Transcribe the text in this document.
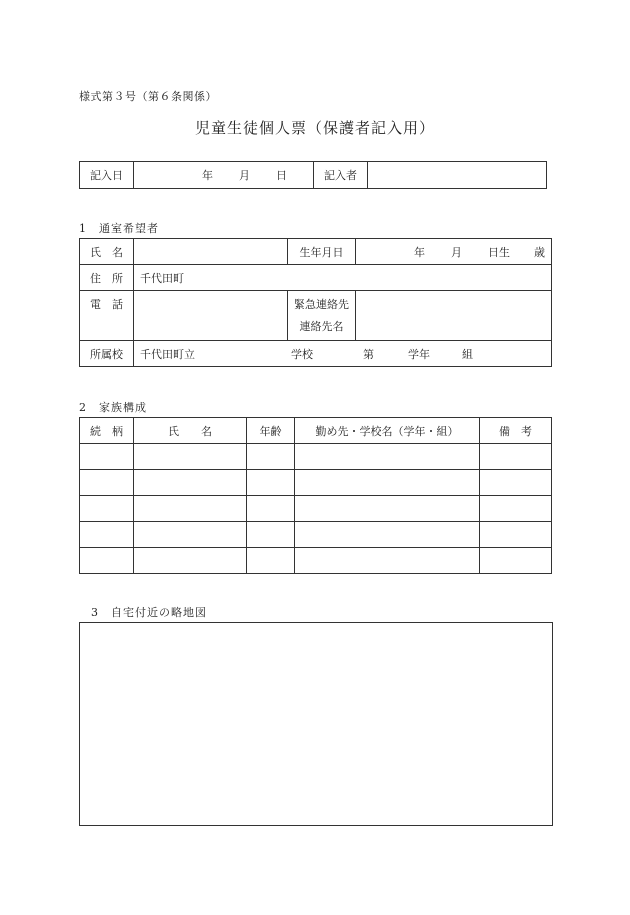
様式第３号（第６条関係）
児童生徒個人票（保護者記入用）
記入日	年 月 日	記入者	
1　通室希望者
氏　名		生年月日	年 月 日生 歳
住　所	千代田町		
電　話		緊急連絡先
連絡先名	

所属校	千代田町立 学校 第 学年 組		
2　家族構成
続　柄	氏　　名	年齢	勤め先・学校名（学年・組）	備　考

3　自宅付近の略地図
